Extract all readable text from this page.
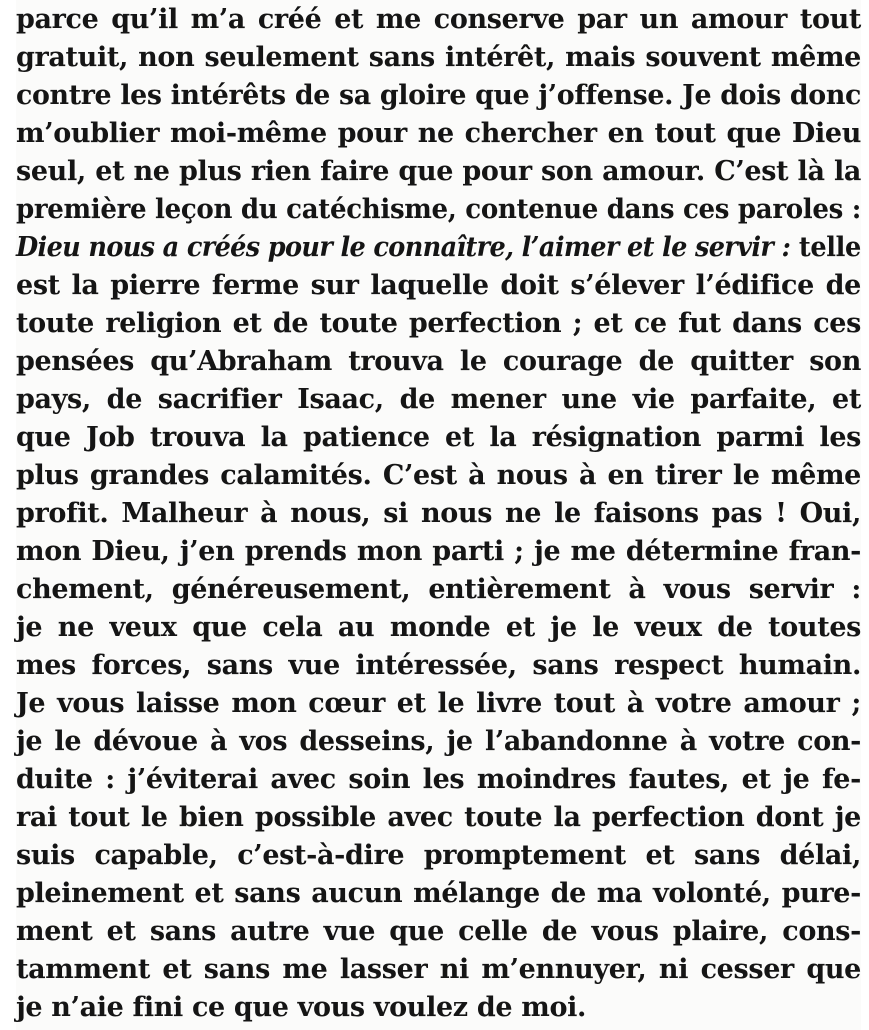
parce qu’il m’a créé et me conserve par un amour tout
gratuit, non seulement sans intérêt, mais souvent même
contre les intérêts de sa gloire que j’offense. Je dois donc
m’oublier moi-même pour ne chercher en tout que Dieu
seul, et ne plus rien faire que pour son amour. C’est là la
première leçon du catéchisme, contenue dans ces paroles :
Dieu nous a créés pour le connaître, l’aimer et le servir : telle
est la pierre ferme sur laquelle doit s’élever l’édifice de
toute religion et de toute perfection ; et ce fut dans ces
pensées qu’Abraham trouva le courage de quitter son
pays, de sacrifier Isaac, de mener une vie parfaite, et
que Job trouva la patience et la résignation parmi les
plus grandes calamités. C’est à nous à en tirer le même
profit. Malheur à nous, si nous ne le faisons pas ! Oui,
mon Dieu, j’en prends mon parti ; je me détermine fran-
chement, généreusement, entièrement à vous servir :
je ne veux que cela au monde et je le veux de toutes
mes forces, sans vue intéressée, sans respect humain.
Je vous laisse mon cœur et le livre tout à votre amour ;
je le dévoue à vos desseins, je l’abandonne à votre con-
duite : j’éviterai avec soin les moindres fautes, et je fe-
rai tout le bien possible avec toute la perfection dont je
suis capable, c’est-à-dire promptement et sans délai,
pleinement et sans aucun mélange de ma volonté, pure-
ment et sans autre vue que celle de vous plaire, cons-
tamment et sans me lasser ni m’ennuyer, ni cesser que
je n’aie fini ce que vous voulez de moi.
